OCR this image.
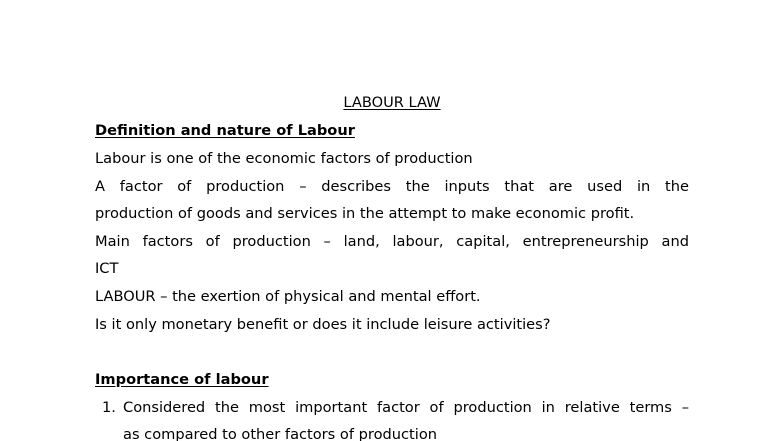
LABOUR LAW
Definition and nature of Labour
Labour is one of the economic factors of production
A factor of production – describes the inputs that are used in the
production of goods and services in the attempt to make economic profit.
Main factors of production – land, labour, capital, entrepreneurship and
ICT
LABOUR – the exertion of physical and mental effort.
Is it only monetary benefit or does it include leisure activities?
Importance of labour
1. Considered the most important factor of production in relative terms –
as compared to other factors of production
